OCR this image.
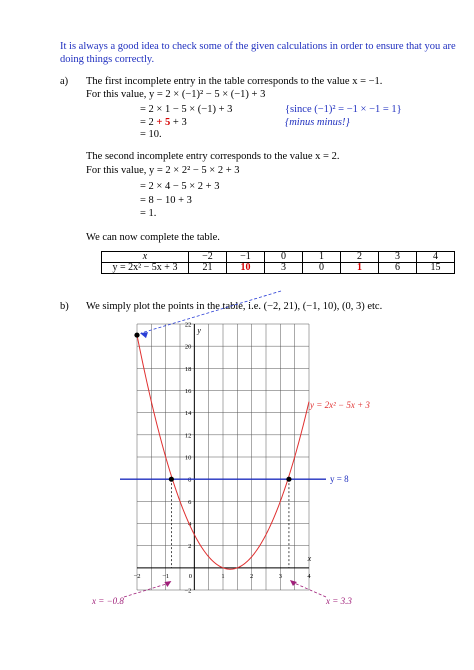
It is always a good idea to check some of the given calculations in order to ensure that you are
doing things correctly.
a) The first incomplete entry in the table corresponds to the value x = −1.
For this value, y = 2 × (−1)² − 5 × (−1) + 3
= 2 × 1 − 5 × (−1) + 3	{since (−1)² = −1 × −1 = 1}
= 2 + 5 + 3	{minus minus!}
= 10.
The second incomplete entry corresponds to the value x = 2.
For this value, y = 2 × 2² − 5 × 2 + 3
= 2 × 4 − 5 × 2 + 3
= 8 − 10 + 3
= 1.
We can now complete the table.
x	−2	−1	0	1	2	3	4
y = 2x² − 5x + 3	21	10	3	0	1	6	15
b) We simply plot the points in the table, i.e. (−2, 21), (−1, 10), (0, 3) etc.
22
20
18
16
14
12
10
8
6
4
2
−2
−2	−1	0	1	2	3	4
y
x
y = 8
y = 2x² − 5x + 3
x = −0.8	x = 3.3
